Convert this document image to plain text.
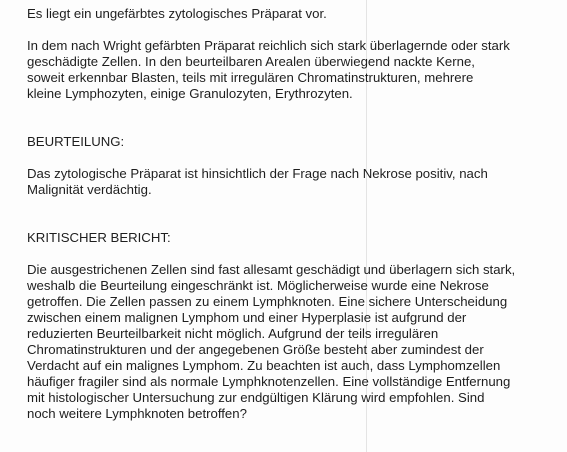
Es liegt ein ungefärbtes zytologisches Präparat vor.

In dem nach Wright gefärbten Präparat reichlich sich stark überlagernde oder stark
geschädigte Zellen. In den beurteilbaren Arealen überwiegend nackte Kerne,
soweit erkennbar Blasten, teils mit irregulären Chromatinstrukturen, mehrere
kleine Lymphozyten, einige Granulozyten, Erythrozyten.

BEURTEILUNG:

Das zytologische Präparat ist hinsichtlich der Frage nach Nekrose positiv, nach
Malignität verdächtig.

KRITISCHER BERICHT:

Die ausgestrichenen Zellen sind fast allesamt geschädigt und überlagern sich stark,
weshalb die Beurteilung eingeschränkt ist. Möglicherweise wurde eine Nekrose
getroffen. Die Zellen passen zu einem Lymphknoten. Eine sichere Unterscheidung
zwischen einem malignen Lymphom und einer Hyperplasie ist aufgrund der
reduzierten Beurteilbarkeit nicht möglich. Aufgrund der teils irregulären
Chromatinstrukturen und der angegebenen Größe besteht aber zumindest der
Verdacht auf ein malignes Lymphom. Zu beachten ist auch, dass Lymphomzellen
häufiger fragiler sind als normale Lymphknotenzellen. Eine vollständige Entfernung
mit histologischer Untersuchung zur endgültigen Klärung wird empfohlen. Sind
noch weitere Lymphknoten betroffen?
